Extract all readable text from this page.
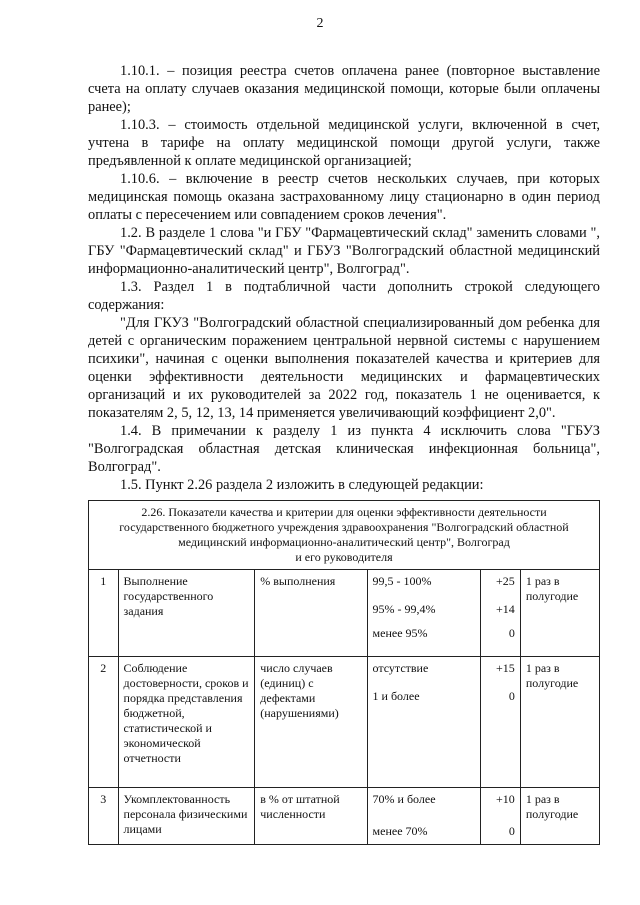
2

1.10.1. – позиция реестра счетов оплачена ранее (повторное выставление счета на оплату случаев оказания медицинской помощи, которые были оплачены ранее);

1.10.3. – стоимость отдельной медицинской услуги, включенной в счет, учтена в тарифе на оплату медицинской помощи другой услуги, также предъявленной к оплате медицинской организацией;

1.10.6. – включение в реестр счетов нескольких случаев, при которых медицинская помощь оказана застрахованному лицу стационарно в один период оплаты с пересечением или совпадением сроков лечения".

1.2. В разделе 1 слова "и ГБУ "Фармацевтический склад" заменить словами ", ГБУ "Фармацевтический склад" и ГБУЗ "Волгоградский областной медицинский информационно-аналитический центр", Волгоград".

1.3. Раздел 1 в подтабличной части дополнить строкой следующего содержания:

"Для ГКУЗ "Волгоградский областной специализированный дом ребенка для детей с органическим поражением центральной нервной системы с нарушением психики", начиная с оценки выполнения показателей качества и критериев для оценки эффективности деятельности медицинских и фармацевтических организаций и их руководителей за 2022 год, показатель 1 не оценивается, к показателям 2, 5, 12, 13, 14 применяется увеличивающий коэффициент 2,0".

1.4. В примечании к разделу 1 из пункта 4 исключить слова "ГБУЗ "Волгоградская областная детская клиническая инфекционная больница", Волгоград".

1.5. Пункт 2.26 раздела 2 изложить в следующей редакции:

2.26. Показатели качества и критерии для оценки эффективности деятельности
государственного бюджетного учреждения здравоохранения "Волгоградский областной
медицинский информационно-аналитический центр", Волгоград
и его руководителя					

1	Выполнение государственного задания	% выполнения	99,5 - 100%
95% - 99,4%
менее 95%	+25
+14
0	1 раз в полугодие
2	Соблюдение достоверности, сроков и порядка представления бюджетной, статистической и экономической отчетности	число случаев (единиц) с дефектами (нарушениями)	отсутствие
1 и более	+15
0	1 раз в полугодие
3	Укомплектованность персонала физическими лицами	в % от штатной численности	70% и более
менее 70%	+10
0	1 раз в полугодие
